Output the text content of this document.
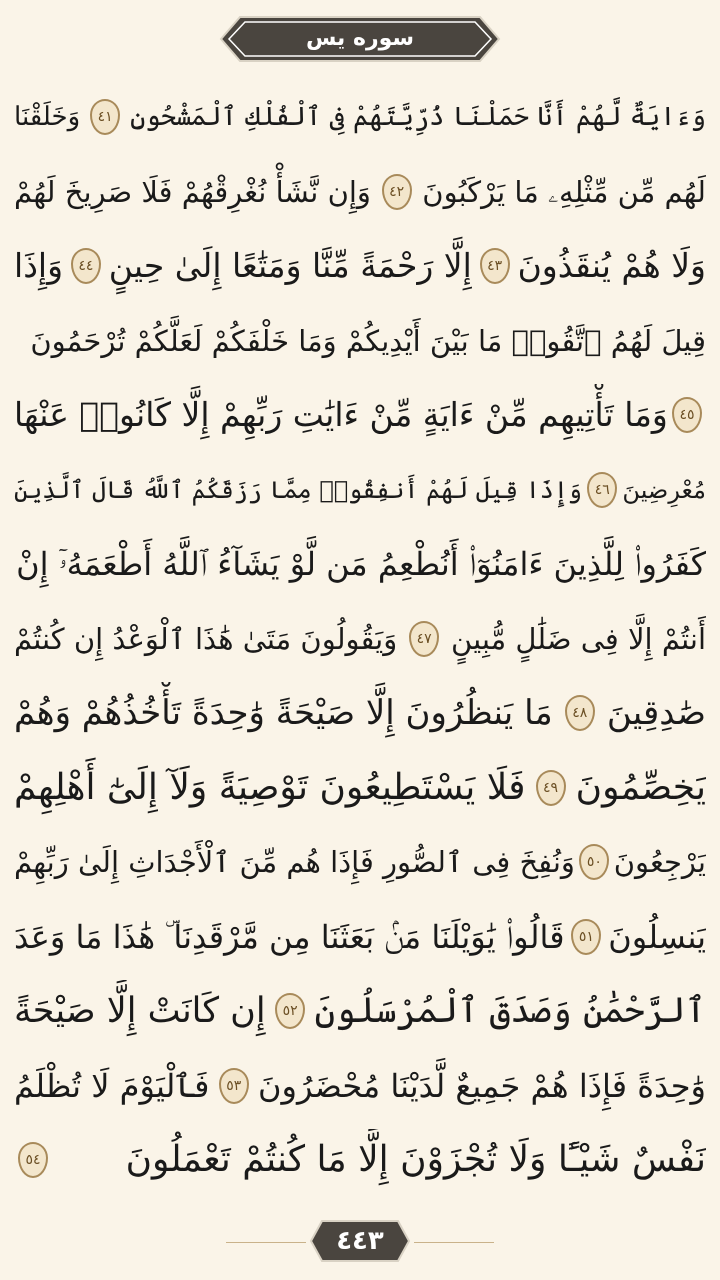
سوره يس
وَءَايَةٌ لَّهُمْ أَنَّا حَمَلْنَا ذُرِّيَّتَهُمْ فِى ٱلْفُلْكِ ٱلْمَشْحُونِ
٤١
وَخَلَقْنَا
لَهُم مِّن مِّثْلِهِۦ مَا يَرْكَبُونَ
٤٢
وَإِن نَّشَأْ نُغْرِقْهُمْ فَلَا صَرِيخَ لَهُمْ
وَلَا هُمْ يُنقَذُونَ
٤٣
إِلَّا رَحْمَةً مِّنَّا وَمَتَٰعًا إِلَىٰ حِينٍ
٤٤
وَإِذَا
قِيلَ لَهُمُ ٱتَّقُوا۟ مَا بَيْنَ أَيْدِيكُمْ وَمَا خَلْفَكُمْ لَعَلَّكُمْ تُرْحَمُونَ
٤٥
وَمَا تَأْتِيهِم مِّنْ ءَايَةٍ مِّنْ ءَايَٰتِ رَبِّهِمْ إِلَّا كَانُوا۟ عَنْهَا
مُعْرِضِينَ
٤٦
وَإِذَا قِيلَ لَهُمْ أَنفِقُوا۟ مِمَّا رَزَقَكُمُ ٱللَّهُ قَالَ ٱلَّذِينَ
كَفَرُوا۟ لِلَّذِينَ ءَامَنُوٓا۟ أَنُطْعِمُ مَن لَّوْ يَشَآءُ ٱللَّهُ أَطْعَمَهُۥٓ إِنْ
أَنتُمْ إِلَّا فِى ضَلَٰلٍ مُّبِينٍ
٤٧
وَيَقُولُونَ مَتَىٰ هَٰذَا ٱلْوَعْدُ إِن كُنتُمْ
صَٰدِقِينَ
٤٨
مَا يَنظُرُونَ إِلَّا صَيْحَةً وَٰحِدَةً تَأْخُذُهُمْ وَهُمْ
يَخِصِّمُونَ
٤٩
فَلَا يَسْتَطِيعُونَ تَوْصِيَةً وَلَآ إِلَىٰٓ أَهْلِهِمْ
يَرْجِعُونَ
٥٠
وَنُفِخَ فِى ٱلصُّورِ فَإِذَا هُم مِّنَ ٱلْأَجْدَاثِ إِلَىٰ رَبِّهِمْ
يَنسِلُونَ
٥١
قَالُوا۟ يَٰوَيْلَنَا مَنۢ بَعَثَنَا مِن مَّرْقَدِنَا ۜ هَٰذَا مَا وَعَدَ
ٱلرَّحْمَٰنُ وَصَدَقَ ٱلْمُرْسَلُونَ
٥٢
إِن كَانَتْ إِلَّا صَيْحَةً
وَٰحِدَةً فَإِذَا هُمْ جَمِيعٌ لَّدَيْنَا مُحْضَرُونَ
٥٣
فَٱلْيَوْمَ لَا تُظْلَمُ
نَفْسٌ شَيْـًٔا وَلَا تُجْزَوْنَ إِلَّا مَا كُنتُمْ تَعْمَلُونَ
٥٤
٤٤٣
